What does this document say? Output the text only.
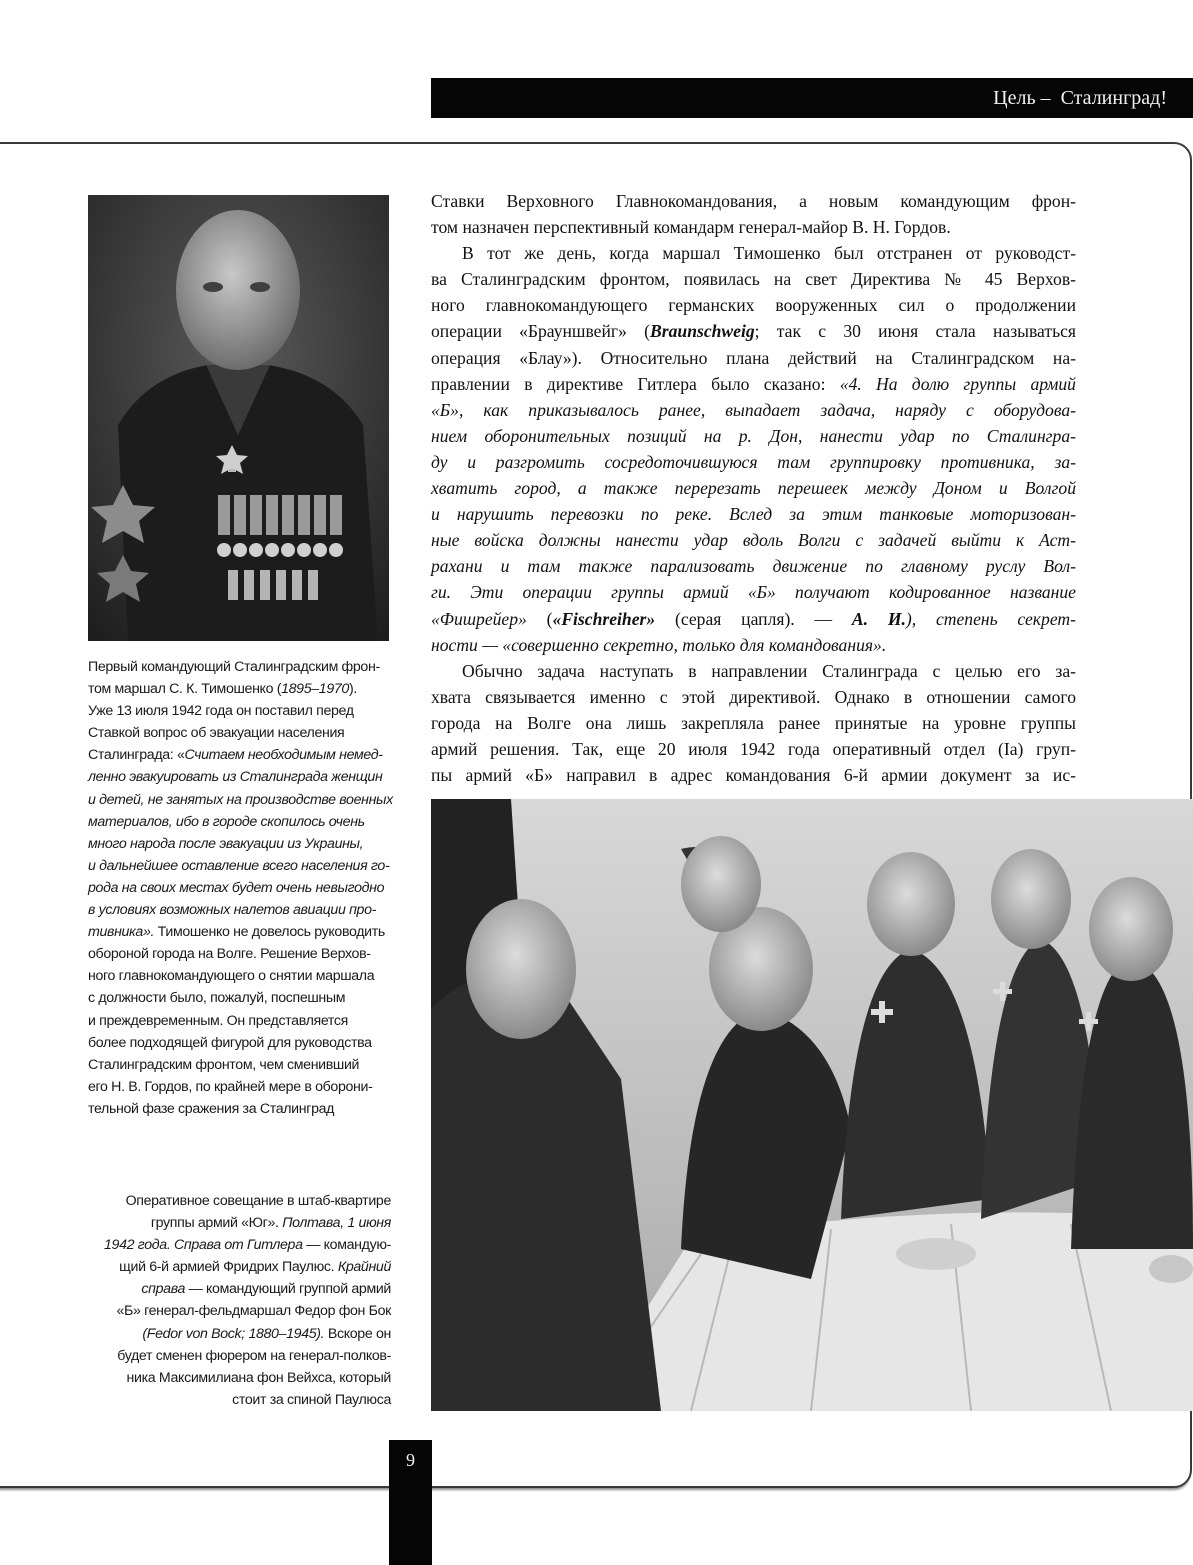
Цель –  Сталинград!
Первый командующий Сталинградским фрон-
том маршал С. К. Тимошенко (1895–1970).
Уже 13 июля 1942 года он поставил перед
Ставкой вопрос об эвакуации населения
Сталинграда: «Считаем необходимым немед-
ленно эвакуировать из Сталинграда женщин
и детей, не занятых на производстве военных
материалов, ибо в городе скопилось очень
много народа после эвакуации из Украины,
и дальнейшее оставление всего населения го-
рода на своих местах будет очень невыгодно
в условиях возможных налетов авиации про-
тивника». Тимошенко не довелось руководить
обороной города на Волге. Решение Верхов-
ного главнокомандующего о снятии маршала
с должности было, пожалуй, поспешным
и преждевременным. Он представляется
более подходящей фигурой для руководства
Сталинградским фронтом, чем сменивший
его Н. В. Гордов, по крайней мере в оборони-
тельной фазе сражения за Сталинград
Ставки Верховного Главнокомандования, а новым командующим фрон-
том назначен перспективный командарм генерал-майор В. Н. Гордов.
В тот же день, когда маршал Тимошенко был отстранен от руководст-
ва Сталинградским фронтом, появилась на свет Директива № 45 Верхов-
ного главнокомандующего германских вооруженных сил о продолжении
операции «Брауншвейг» (Braunschweig; так с 30 июня стала называться
операция «Блау»). Относительно плана действий на Сталинградском на-
правлении в директиве Гитлера было сказано: «4. На долю группы армий
«Б», как приказывалось ранее, выпадает задача, наряду с оборудова-
нием оборонительных позиций на р. Дон, нанести удар по Сталингра-
ду и разгромить сосредоточившуюся там группировку противника, за-
хватить город, а также перерезать перешеек между Доном и Волгой
и нарушить перевозки по реке. Вслед за этим танковые моторизован-
ные войска должны нанести удар вдоль Волги с задачей выйти к Аст-
рахани и там также парализовать движение по главному руслу Вол-
ги. Эти операции группы армий «Б» получают кодированное название
«Фишрейер» («Fischreiher» (серая цапля). — А. И.), степень секрет-
ности — «совершенно секретно, только для командования».
Обычно задача наступать в направлении Сталинграда с целью его за-
хвата связывается именно с этой директивой. Однако в отношении самого
города на Волге она лишь закрепляла ранее принятые на уровне группы
армий решения. Так, еще 20 июля 1942 года оперативный отдел (Ia) груп-
пы армий «Б» направил в адрес командования 6-й армии документ за ис-
Оперативное совещание в штаб-квартире
группы армий «Юг». Полтава, 1 июня
1942 года. Справа от Гитлера — командую-
щий 6-й армией Фридрих Паулюс. Крайний
справа — командующий группой армий
«Б» генерал-фельдмаршал Федор фон Бок
(Fedor von Bock; 1880–1945). Вскоре он
будет сменен фюрером на генерал-полков-
ника Максимилиана фон Вейхса, который
стоит за спиной Паулюса
9
